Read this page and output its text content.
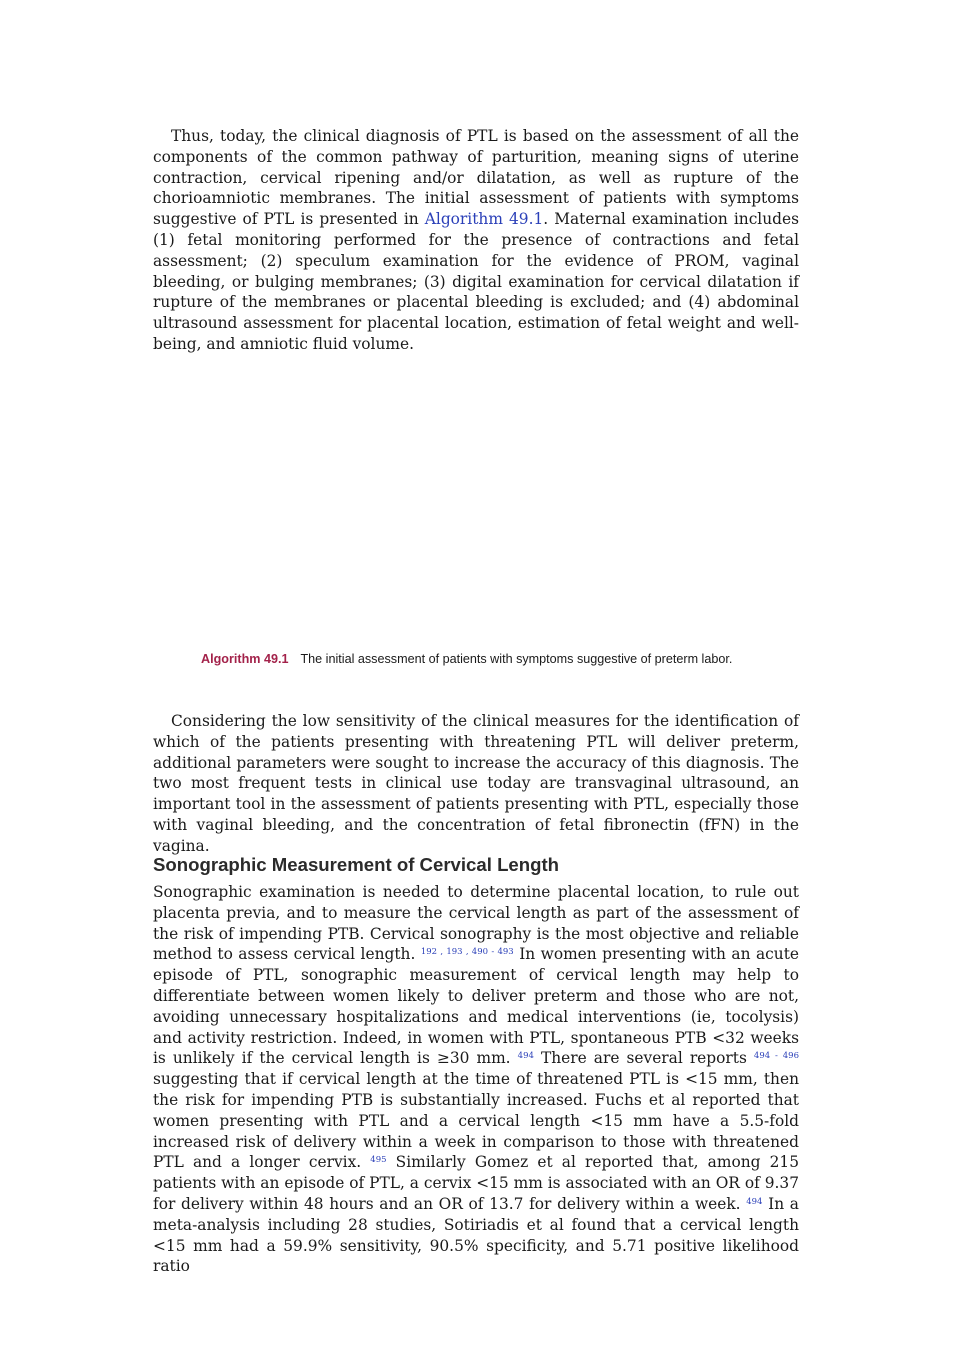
Thus, today, the clinical diagnosis of PTL is based on the assessment of all the components of the common pathway of parturition, meaning signs of uterine contraction, cervical ripening and/or dilatation, as well as rupture of the chorioamniotic membranes. The initial assessment of patients with symptoms suggestive of PTL is presented in Algorithm 49.1. Maternal examination includes (1) fetal monitoring performed for the presence of contractions and fetal assessment; (2) speculum examination for the evidence of PROM, vaginal bleeding, or bulging membranes; (3) digital examination for cervical dilatation if rupture of the membranes or placental bleeding is excluded; and (4) abdominal ultrasound assessment for placental location, estimation of fetal weight and well-being, and amniotic fluid volume.

Algorithm 49.1 The initial assessment of patients with symptoms suggestive of preterm labor.

Considering the low sensitivity of the clinical measures for the identification of which of the patients presenting with threatening PTL will deliver preterm, additional parameters were sought to increase the accuracy of this diagnosis. The two most frequent tests in clinical use today are transvaginal ultrasound, an important tool in the assessment of patients presenting with PTL, especially those with vaginal bleeding, and the concentration of fetal fibronectin (fFN) in the vagina.

Sonographic Measurement of Cervical Length

Sonographic examination is needed to determine placental location, to rule out placenta previa, and to measure the cervical length as part of the assessment of the risk of impending PTB. Cervical sonography is the most objective and reliable method to assess cervical length. $^{192 , 193 , 490 - 493}$ In women presenting with an acute episode of PTL, sonographic measurement of cervical length may help to differentiate between women likely to deliver preterm and those who are not, avoiding unnecessary hospitalizations and medical interventions (ie, tocolysis) and activity restriction. Indeed, in women with PTL, spontaneous PTB <32 weeks is unlikely if the cervical length is ≥30 mm. $^{494}$ There are several reports $^{494 - 496}$ suggesting that if cervical length at the time of threatened PTL is <15 mm, then the risk for impending PTB is substantially increased. Fuchs et al reported that women presenting with PTL and a cervical length <15 mm have a 5.5-fold increased risk of delivery within a week in comparison to those with threatened PTL and a longer cervix. $^{495}$ Similarly Gomez et al reported that, among 215 patients with an episode of PTL, a cervix <15 mm is associated with an OR of 9.37 for delivery within 48 hours and an OR of 13.7 for delivery within a week. $^{494}$ In a meta-analysis including 28 studies, Sotiriadis et al found that a cervical length <15 mm had a 59.9% sensitivity, 90.5% specificity, and 5.71 positive likelihood ratio
